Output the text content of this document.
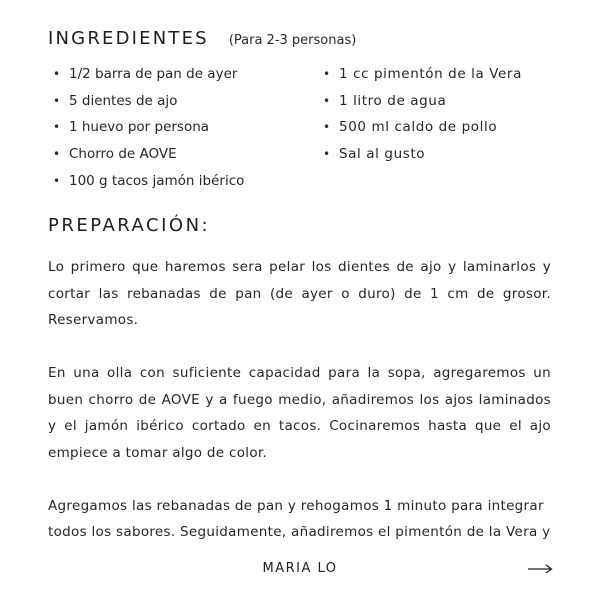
INGREDIENTES (Para 2-3 personas)
• 1/2 barra de pan de ayer
• 5 dientes de ajo
• 1 huevo por persona
• Chorro de AOVE
• 100 g tacos jamón ibérico
• 1 cc pimentón de la Vera
• 1 litro de agua
• 500 ml caldo de pollo
• Sal al gusto
PREPARACIÓN:

Lo primero que haremos sera pelar los dientes de ajo y laminarlos y cortar las rebanadas de pan (de ayer o duro) de 1 cm de grosor. Reservamos.

En una olla con suficiente capacidad para la sopa, agregaremos un buen chorro de AOVE y a fuego medio, añadiremos los ajos laminados y el jamón ibérico cortado en tacos. Cocinaremos hasta que el ajo empiece a tomar algo de color.

Agregamos las rebanadas de pan y rehogamos 1 minuto para integrar todos los sabores. Seguidamente, añadiremos el pimentón de la Vera y

MARIA LO
